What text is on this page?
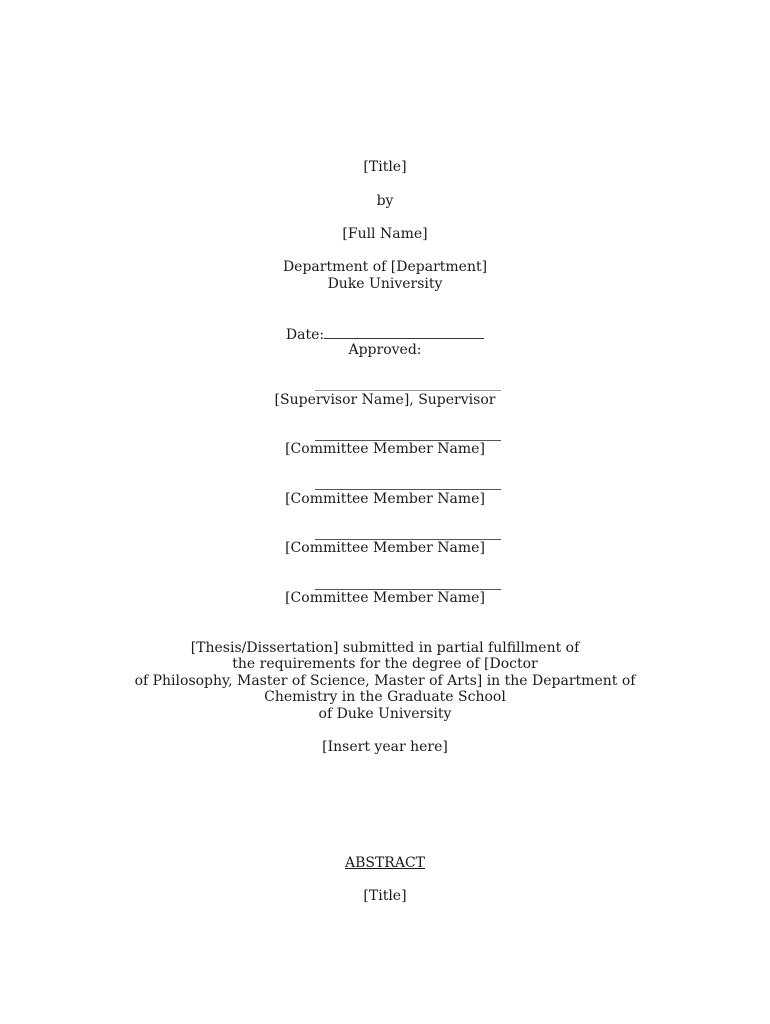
[Title]
by
[Full Name]
Department of [Department]
Duke University
Date:
Approved:
[Supervisor Name], Supervisor
[Committee Member Name]
[Committee Member Name]
[Committee Member Name]
[Committee Member Name]
[Thesis/Dissertation] submitted in partial fulfillment of
the requirements for the degree of [Doctor
of Philosophy, Master of Science, Master of Arts] in the Department of
Chemistry in the Graduate School
of Duke University
[Insert year here]
ABSTRACT
[Title]
